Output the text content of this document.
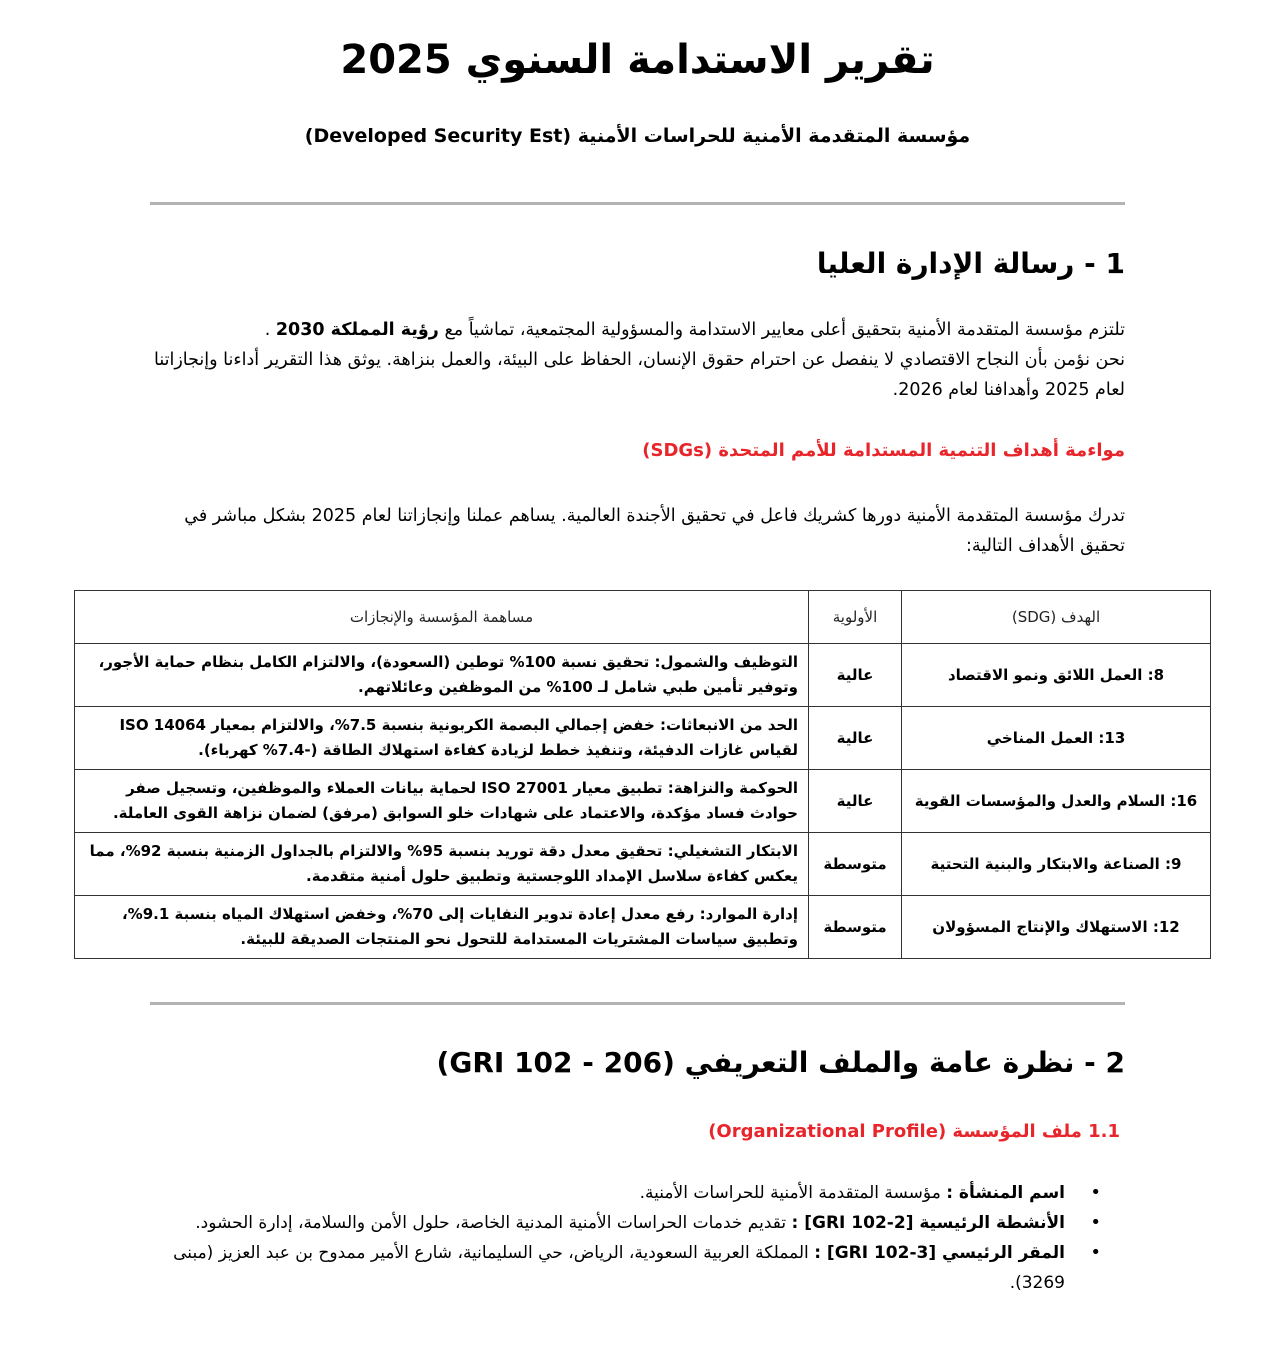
تقرير الاستدامة السنوي 2025

مؤسسة المتقدمة الأمنية للحراسات الأمنية (Developed Security Est)

1 - رسالة الإدارة العليا

تلتزم مؤسسة المتقدمة الأمنية بتحقيق أعلى معايير الاستدامة والمسؤولية المجتمعية، تماشياً مع رؤية المملكة 2030 .
نحن نؤمن بأن النجاح الاقتصادي لا ينفصل عن احترام حقوق الإنسان، الحفاظ على البيئة، والعمل بنزاهة. يوثق هذا التقرير أداءنا وإنجازاتنا لعام 2025 وأهدافنا لعام 2026.

مواءمة أهداف التنمية المستدامة للأمم المتحدة (SDGs)

تدرك مؤسسة المتقدمة الأمنية دورها كشريك فاعل في تحقيق الأجندة العالمية. يساهم عملنا وإنجازاتنا لعام 2025 بشكل مباشر في تحقيق الأهداف التالية:

الهدف (SDG)	الأولوية	مساهمة المؤسسة والإنجازات
8: العمل اللائق ونمو الاقتصاد	عالية	التوظيف والشمول: تحقيق نسبة 100% توطين (السعودة)، والالتزام الكامل بنظام حماية الأجور، وتوفير تأمين طبي شامل لـ 100% من الموظفين وعائلاتهم.
13: العمل المناخي	عالية	الحد من الانبعاثات: خفض إجمالي البصمة الكربونية بنسبة 7.5%، والالتزام بمعيار ISO 14064 لقياس غازات الدفيئة، وتنفيذ خطط لزيادة كفاءة استهلاك الطاقة (-7.4% كهرباء).
16: السلام والعدل والمؤسسات القوية	عالية	الحوكمة والنزاهة: تطبيق معيار ISO 27001 لحماية بيانات العملاء والموظفين، وتسجيل صفر حوادث فساد مؤكدة، والاعتماد على شهادات خلو السوابق (مرفق) لضمان نزاهة القوى العاملة.
9: الصناعة والابتكار والبنية التحتية	متوسطة	الابتكار التشغيلي: تحقيق معدل دقة توريد بنسبة 95% والالتزام بالجداول الزمنية بنسبة 92%، مما يعكس كفاءة سلاسل الإمداد اللوجستية وتطبيق حلول أمنية متقدمة.
12: الاستهلاك والإنتاج المسؤولان	متوسطة	إدارة الموارد: رفع معدل إعادة تدوير النفايات إلى 70%، وخفض استهلاك المياه بنسبة 9.1%، وتطبيق سياسات المشتريات المستدامة للتحول نحو المنتجات الصديقة للبيئة.
2 - نظرة عامة والملف التعريفي (206 - 102 GRI)
1.1 ملف المؤسسة (Organizational Profile)
• اسم المنشأة : مؤسسة المتقدمة الأمنية للحراسات الأمنية.
• الأنشطة الرئيسية [GRI 102-2] : تقديم خدمات الحراسات الأمنية المدنية الخاصة، حلول الأمن والسلامة، إدارة الحشود.
• المقر الرئيسي [GRI 102-3] : المملكة العربية السعودية، الرياض، حي السليمانية، شارع الأمير ممدوح بن عبد العزيز (مبنى 3269).
